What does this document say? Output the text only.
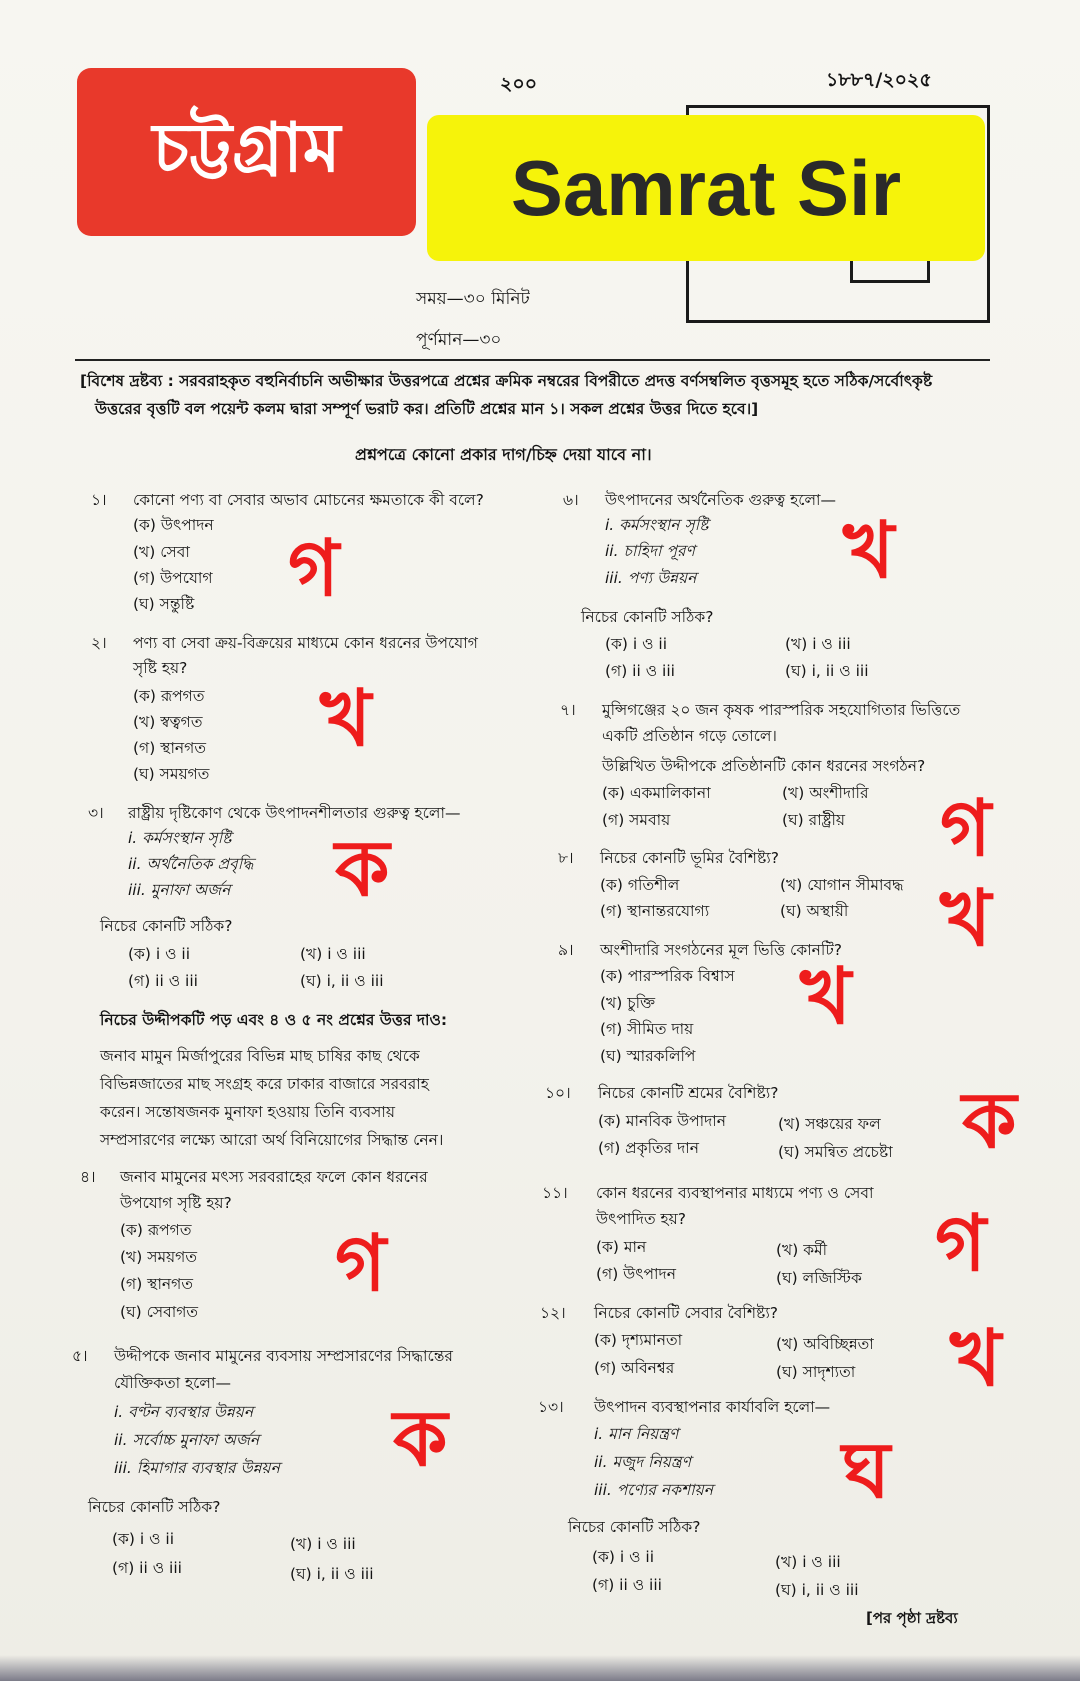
২০০	১৮৮৭/২০২৫
চট্টগ্রাম	Samrat Sir
সময়—৩০ মিনিট
পূর্ণমান—৩০
[বিশেষ দ্রষ্টব্য : সরবরাহকৃত বহুনির্বাচনি অভীক্ষার উত্তরপত্রে প্রশ্নের ক্রমিক নম্বরের বিপরীতে প্রদত্ত বর্ণসম্বলিত বৃত্তসমূহ হতে সঠিক/সর্বোৎকৃষ্ট
উত্তরের বৃত্তটি বল পয়েন্ট কলম দ্বারা সম্পূর্ণ ভরাট কর। প্রতিটি প্রশ্নের মান ১। সকল প্রশ্নের উত্তর দিতে হবে।]
প্রশ্নপত্রে কোনো প্রকার দাগ/চিহ্ন দেয়া যাবে না।
১। কোনো পণ্য বা সেবার অভাব মোচনের ক্ষমতাকে কী বলে?
(ক) উৎপাদন
(খ) সেবা
(গ) উপযোগ
(ঘ) সন্তুষ্টি গ
২। পণ্য বা সেবা ক্রয়-বিক্রয়ের মাধ্যমে কোন ধরনের উপযোগ
সৃষ্টি হয়?
(ক) রূপগত
(খ) স্বত্বগত
(গ) স্থানগত
(ঘ) সময়গত
খ
৩। রাষ্ট্রীয় দৃষ্টিকোণ থেকে উৎপাদনশীলতার গুরুত্ব হলো—
i. কর্মসংস্থান সৃষ্টি
ii. অর্থনৈতিক প্রবৃদ্ধি
iii. মুনাফা অর্জন
নিচের কোনটি সঠিক?
(ক) i ও ii	(খ) i ও iii
(গ) ii ও iii	(ঘ) i, ii ও iii
ক
নিচের উদ্দীপকটি পড় এবং ৪ ও ৫ নং প্রশ্নের উত্তর দাও:
জনাব মামুন মির্জাপুরের বিভিন্ন মাছ চাষির কাছ থেকে
বিভিন্নজাতের মাছ সংগ্রহ করে ঢাকার বাজারে সরবরাহ
করেন। সন্তোষজনক মুনাফা হওয়ায় তিনি ব্যবসায়
সম্প্রসারণের লক্ষ্যে আরো অর্থ বিনিয়োগের সিদ্ধান্ত নেন।
৪। জনাব মামুনের মৎস্য সরবরাহের ফলে কোন ধরনের
উপযোগ সৃষ্টি হয়?
(ক) রূপগত
(খ) সময়গত
(গ) স্থানগত
(ঘ) সেবাগত
গ
৫। উদ্দীপকে জনাব মামুনের ব্যবসায় সম্প্রসারণের সিদ্ধান্তের
যৌক্তিকতা হলো—
i. বণ্টন ব্যবস্থার উন্নয়ন
ii. সর্বোচ্চ মুনাফা অর্জন
iii. হিমাগার ব্যবস্থার উন্নয়ন
নিচের কোনটি সঠিক?
(ক) i ও ii	(খ) i ও iii
(গ) ii ও iii	(ঘ) i, ii ও iii
ক
৬। উৎপাদনের অর্থনৈতিক গুরুত্ব হলো—
i. কর্মসংস্থান সৃষ্টি
ii. চাহিদা পূরণ
iii. পণ্য উন্নয়ন
নিচের কোনটি সঠিক?
(ক) i ও ii	(খ) i ও iii
(গ) ii ও iii	(ঘ) i, ii ও iii
খ
৭। মুন্সিগঞ্জের ২০ জন কৃষক পারস্পরিক সহযোগিতার ভিত্তিতে
একটি প্রতিষ্ঠান গড়ে তোলে।
উল্লিখিত উদ্দীপকে প্রতিষ্ঠানটি কোন ধরনের সংগঠন?
(ক) একমালিকানা	(খ) অংশীদারি
(গ) সমবায়	(ঘ) রাষ্ট্রীয় গ
৮। নিচের কোনটি ভূমির বৈশিষ্ট্য?
(ক) গতিশীল	(খ) যোগান সীমাবদ্ধ
(গ) স্থানান্তরযোগ্য	(ঘ) অস্থায়ী খ
৯। অংশীদারি সংগঠনের মূল ভিত্তি কোনটি?
(ক) পারস্পরিক বিশ্বাস
(খ) চুক্তি
(গ) সীমিত দায়
(ঘ) স্মারকলিপি
খ
১০। নিচের কোনটি শ্রমের বৈশিষ্ট্য?
(ক) মানবিক উপাদান	(খ) সঞ্চয়ের ফল
(গ) প্রকৃতির দান	(ঘ) সমন্বিত প্রচেষ্টা ক
১১। কোন ধরনের ব্যবস্থাপনার মাধ্যমে পণ্য ও সেবা
উৎপাদিত হয়?
(ক) মান	(খ) কর্মী
(গ) উৎপাদন	(ঘ) লজিস্টিক গ
১২। নিচের কোনটি সেবার বৈশিষ্ট্য?
(ক) দৃশ্যমানতা	(খ) অবিচ্ছিন্নতা
(গ) অবিনশ্বর	(ঘ) সাদৃশ্যতা খ
১৩। উৎপাদন ব্যবস্থাপনার কার্যাবলি হলো—
i. মান নিয়ন্ত্রণ
ii. মজুদ নিয়ন্ত্রণ
iii. পণ্যের নকশায়ন
নিচের কোনটি সঠিক?
(ক) i ও ii	(খ) i ও iii
(গ) ii ও iii	(ঘ) i, ii ও iii
ঘ
[পর পৃষ্ঠা দ্রষ্টব্য
